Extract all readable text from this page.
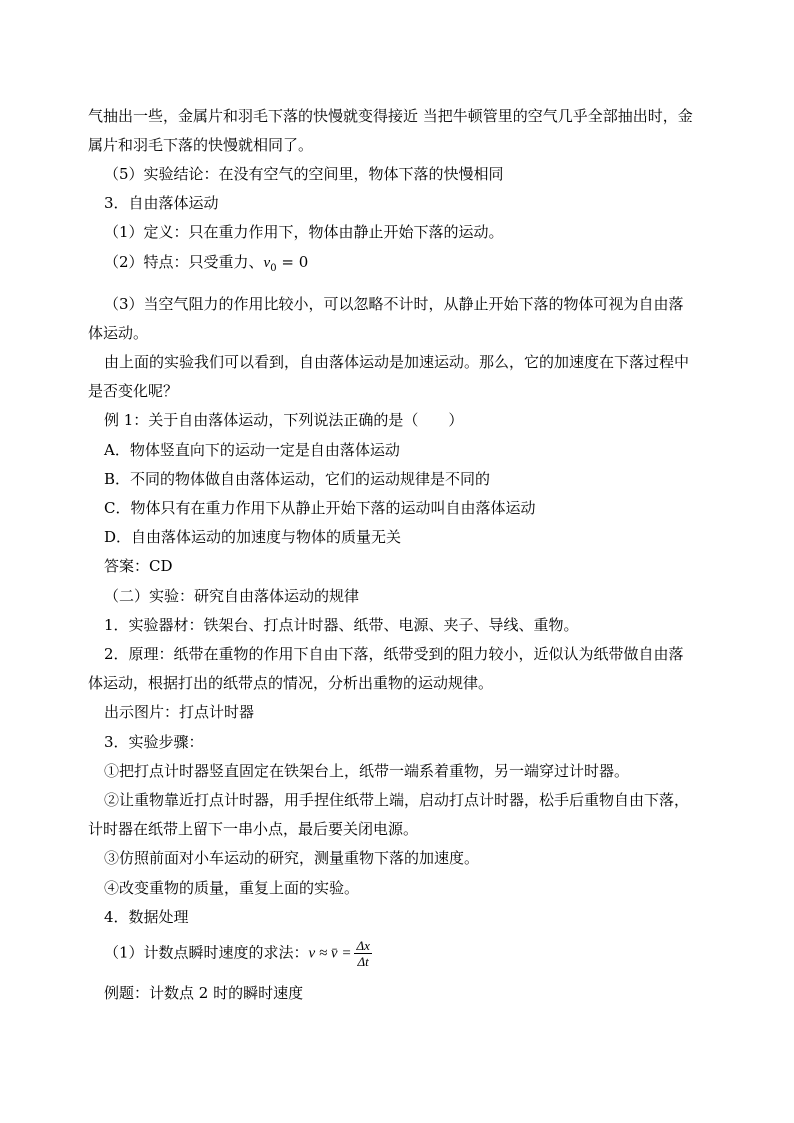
气抽出一些，金属片和羽毛下落的快慢就变得接近 当把牛顿管里的空气几乎全部抽出时，金
属片和羽毛下落的快慢就相同了。
（5）实验结论：在没有空气的空间里，物体下落的快慢相同
3．自由落体运动
（1）定义：只在重力作用下，物体由静止开始下落的运动。
（2）特点：只受重力、$v_0 = 0$
（3）当空气阻力的作用比较小，可以忽略不计时，从静止开始下落的物体可视为自由落
体运动。
由上面的实验我们可以看到，自由落体运动是加速运动。那么，它的加速度在下落过程中
是否变化呢？
例 1：关于自由落体运动，下列说法正确的是（　　）
A．物体竖直向下的运动一定是自由落体运动
B．不同的物体做自由落体运动，它们的运动规律是不同的
C．物体只有在重力作用下从静止开始下落的运动叫自由落体运动
D．自由落体运动的加速度与物体的质量无关
答案：CD
（二）实验：研究自由落体运动的规律
1．实验器材：铁架台、打点计时器、纸带、电源、夹子、导线、重物。
2．原理：纸带在重物的作用下自由下落，纸带受到的阻力较小，近似认为纸带做自由落
体运动，根据打出的纸带点的情况，分析出重物的运动规律。
出示图片：打点计时器
3．实验步骤：
①把打点计时器竖直固定在铁架台上，纸带一端系着重物，另一端穿过计时器。
②让重物靠近打点计时器，用手捏住纸带上端，启动打点计时器，松手后重物自由下落，
计时器在纸带上留下一串小点，最后要关闭电源。
③仿照前面对小车运动的研究，测量重物下落的加速度。
④改变重物的质量，重复上面的实验。
4．数据处理
（1）计数点瞬时速度的求法：v ≈ v̄ = $\frac{\Delta x}{\Delta t}$
例题：计数点 2 时的瞬时速度
